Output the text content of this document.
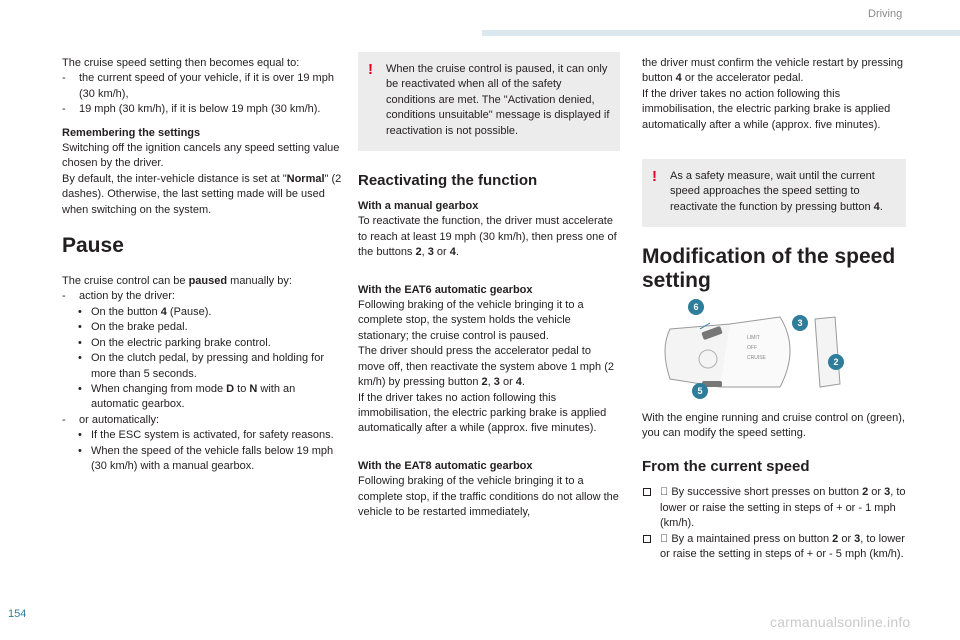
Driving

The cruise speed setting then becomes equal to:

- the current speed of your vehicle, if it is over 19 mph (30 km/h),
- 19 mph (30 km/h), if it is below 19 mph (30 km/h).

Remembering the settings

Switching off the ignition cancels any speed setting value chosen by the driver.

By default, the inter-vehicle distance is set at "Normal" (2 dashes). Otherwise, the last setting made will be used when switching on the system.

Pause

The cruise control can be paused manually by:

- action by the driver:
• On the button 4 (Pause).
• On the brake pedal.
• On the electric parking brake control.
• On the clutch pedal, by pressing and holding for more than 5 seconds.
• When changing from mode D to N with an automatic gearbox.
- or automatically:
• If the ESC system is activated, for safety reasons.
• When the speed of the vehicle falls below 19 mph (30 km/h) with a manual gearbox.
! When the cruise control is paused, it can only be reactivated when all of the safety conditions are met. The "Activation denied, conditions unsuitable" message is displayed if reactivation is not possible.

Reactivating the function

With a manual gearbox

To reactivate the function, the driver must accelerate to reach at least 19 mph (30 km/h), then press one of the buttons 2, 3 or 4.

With the EAT6 automatic gearbox

Following braking of the vehicle bringing it to a complete stop, the system holds the vehicle stationary; the cruise control is paused.

The driver should press the accelerator pedal to move off, then reactivate the system above 1 mph (2 km/h) by pressing button 2, 3 or 4.

If the driver takes no action following this immobilisation, the electric parking brake is applied automatically after a while (approx. five minutes).

With the EAT8 automatic gearbox

Following braking of the vehicle bringing it to a complete stop, if the traffic conditions do not allow the vehicle to be restarted immediately,

the driver must confirm the vehicle restart by pressing button 4 or the accelerator pedal.

If the driver takes no action following this immobilisation, the electric parking brake is applied automatically after a while (approx. five minutes).

! As a safety measure, wait until the current speed approaches the speed setting to reactivate the function by pressing button 4.

Modification of the speed setting
LIMIT
OFF
CRUISE
6
3
2
5

With the engine running and cruise control on (green), you can modify the speed setting.

From the current speed

By successive short presses on button 2 or 3, to lower or raise the setting in steps of + or - 1 mph (km/h).

By a maintained press on button 2 or 3, to lower or raise the setting in steps of + or - 5 mph (km/h).
154	carmanualsonline.info
